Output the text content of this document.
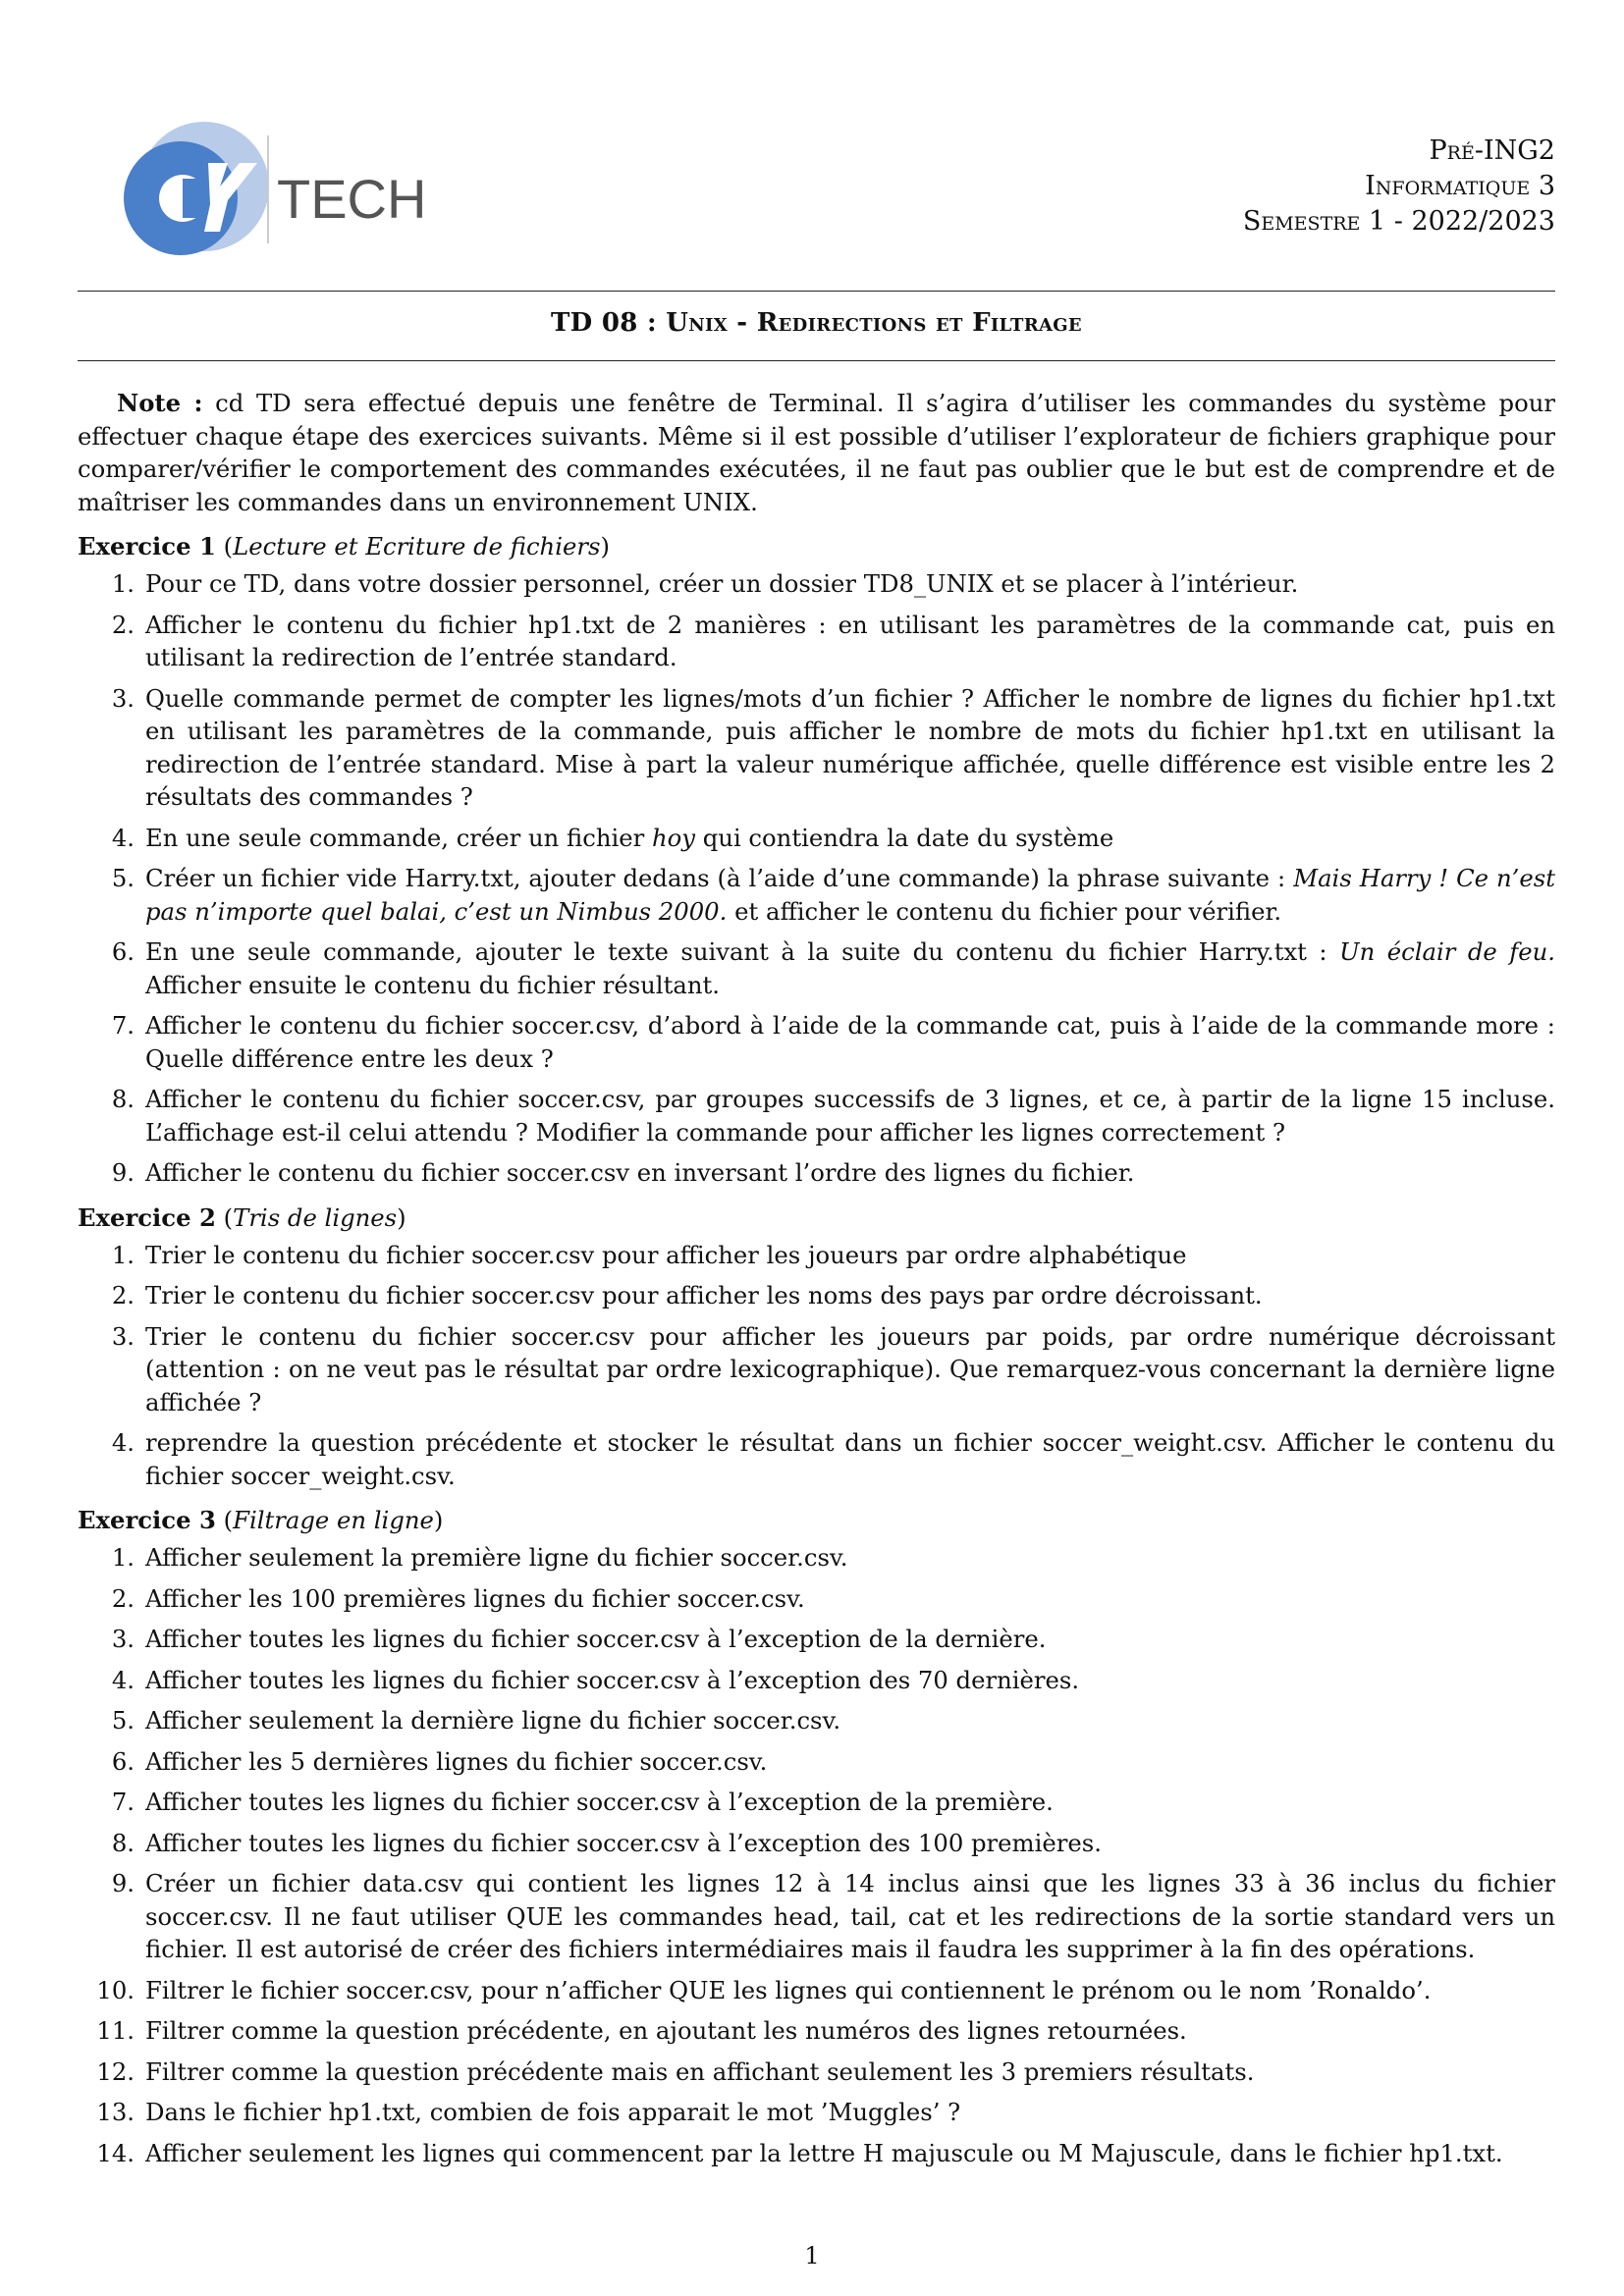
TECH
Pré-ING2
Informatique 3
Semestre 1 - 2022/2023
TD 08 : Unix - Redirections et Filtrage

Note : cd TD sera effectué depuis une fenêtre de Terminal. Il s’agira d’utiliser les commandes du système pour effectuer chaque étape des exercices suivants. Même si il est possible d’utiliser l’explorateur de fichiers graphique pour comparer/vérifier le comportement des commandes exécutées, il ne faut pas oublier que le but est de comprendre et de maîtriser les commandes dans un environnement UNIX.

Exercice 1 (Lecture et Ecriture de fichiers)

1. Pour ce TD, dans votre dossier personnel, créer un dossier TD8_UNIX et se placer à l’intérieur.
2. Afficher le contenu du fichier hp1.txt de 2 manières : en utilisant les paramètres de la commande cat, puis en utilisant la redirection de l’entrée standard.
3. Quelle commande permet de compter les lignes/mots d’un fichier ? Afficher le nombre de lignes du fichier hp1.txt en utilisant les paramètres de la commande, puis afficher le nombre de mots du fichier hp1.txt en utilisant la redirection de l’entrée standard. Mise à part la valeur numérique affichée, quelle différence est visible entre les 2 résultats des commandes ?
4. En une seule commande, créer un fichier hoy qui contiendra la date du système
5. Créer un fichier vide Harry.txt, ajouter dedans (à l’aide d’une commande) la phrase suivante : Mais Harry ! Ce n’est pas n’importe quel balai, c’est un Nimbus 2000. et afficher le contenu du fichier pour vérifier.
6. En une seule commande, ajouter le texte suivant à la suite du contenu du fichier Harry.txt : Un éclair de feu. Afficher ensuite le contenu du fichier résultant.
7. Afficher le contenu du fichier soccer.csv, d’abord à l’aide de la commande cat, puis à l’aide de la commande more : Quelle différence entre les deux ?
8. Afficher le contenu du fichier soccer.csv, par groupes successifs de 3 lignes, et ce, à partir de la ligne 15 incluse. L’affichage est-il celui attendu ? Modifier la commande pour afficher les lignes correctement ?
9. Afficher le contenu du fichier soccer.csv en inversant l’ordre des lignes du fichier.

Exercice 2 (Tris de lignes)

1. Trier le contenu du fichier soccer.csv pour afficher les joueurs par ordre alphabétique
2. Trier le contenu du fichier soccer.csv pour afficher les noms des pays par ordre décroissant.
3. Trier le contenu du fichier soccer.csv pour afficher les joueurs par poids, par ordre numérique décroissant (attention : on ne veut pas le résultat par ordre lexicographique). Que remarquez-vous concernant la dernière ligne affichée ?
4. reprendre la question précédente et stocker le résultat dans un fichier soccer_weight.csv. Afficher le contenu du fichier soccer_weight.csv.

Exercice 3 (Filtrage en ligne)

1. Afficher seulement la première ligne du fichier soccer.csv.
2. Afficher les 100 premières lignes du fichier soccer.csv.
3. Afficher toutes les lignes du fichier soccer.csv à l’exception de la dernière.
4. Afficher toutes les lignes du fichier soccer.csv à l’exception des 70 dernières.
5. Afficher seulement la dernière ligne du fichier soccer.csv.
6. Afficher les 5 dernières lignes du fichier soccer.csv.
7. Afficher toutes les lignes du fichier soccer.csv à l’exception de la première.
8. Afficher toutes les lignes du fichier soccer.csv à l’exception des 100 premières.
9. Créer un fichier data.csv qui contient les lignes 12 à 14 inclus ainsi que les lignes 33 à 36 inclus du fichier soccer.csv. Il ne faut utiliser QUE les commandes head, tail, cat et les redirections de la sortie standard vers un fichier. Il est autorisé de créer des fichiers intermédiaires mais il faudra les supprimer à la fin des opérations.
10. Filtrer le fichier soccer.csv, pour n’afficher QUE les lignes qui contiennent le prénom ou le nom ’Ronaldo’.
11. Filtrer comme la question précédente, en ajoutant les numéros des lignes retournées.
12. Filtrer comme la question précédente mais en affichant seulement les 3 premiers résultats.
13. Dans le fichier hp1.txt, combien de fois apparait le mot ’Muggles’ ?
14. Afficher seulement les lignes qui commencent par la lettre H majuscule ou M Majuscule, dans le fichier hp1.txt.
1
